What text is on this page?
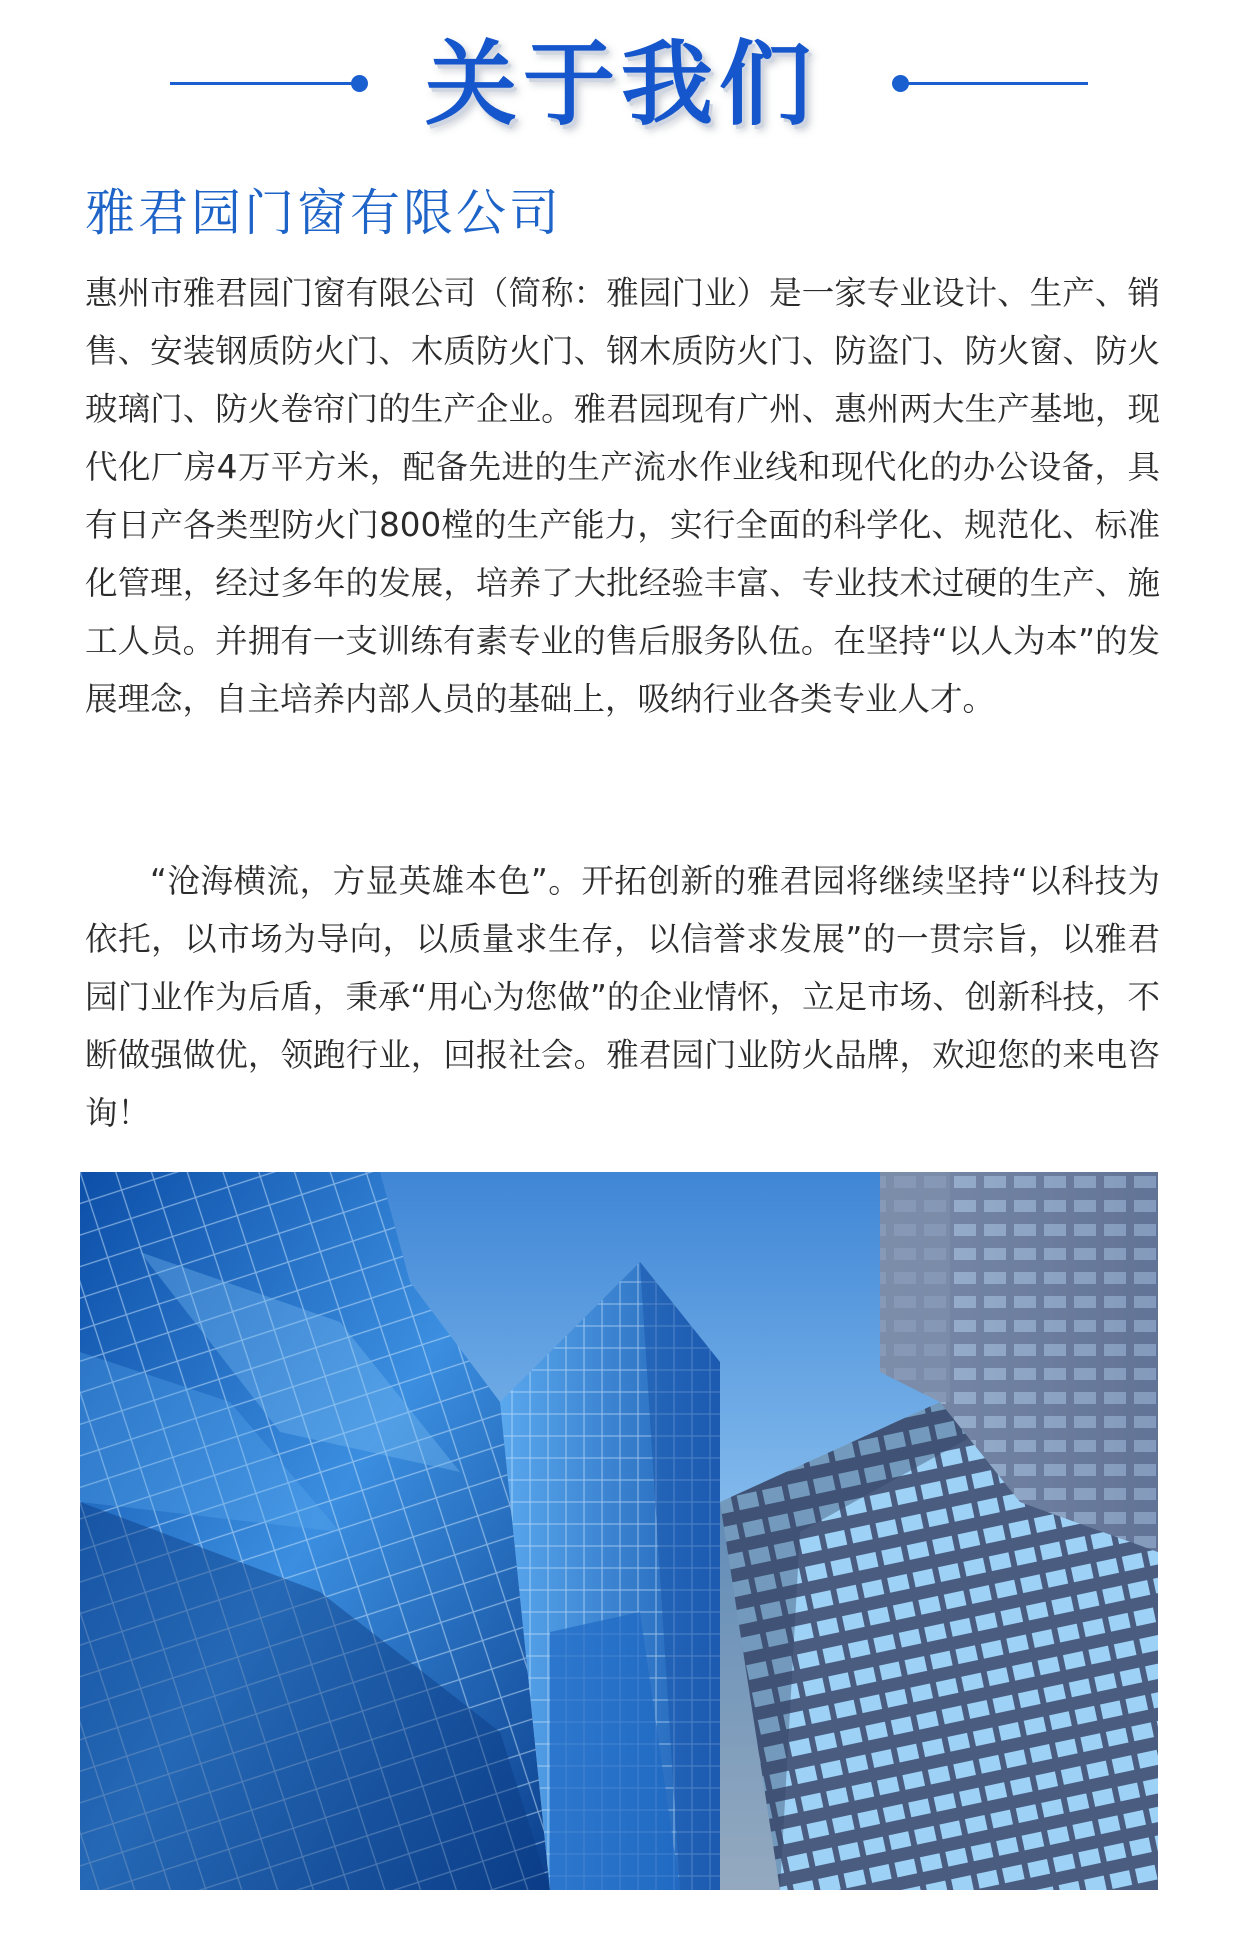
关于我们
雅君园门窗有限公司

惠州市雅君园门窗有限公司（简称：雅园门业）是一家专业设计、生产、销售、安装钢质防火门、木质防火门、钢木质防火门、防盗门、防火窗、防火玻璃门、防火卷帘门的生产企业。雅君园现有广州、惠州两大生产基地，现代化厂房4万平方米，配备先进的生产流水作业线和现代化的办公设备，具有日产各类型防火门800樘的生产能力，实行全面的科学化、规范化、标准化管理，经过多年的发展，培养了大批经验丰富、专业技术过硬的生产、施工人员。并拥有一支训练有素专业的售后服务队伍。在坚持“以人为本”的发展理念，自主培养内部人员的基础上，吸纳行业各类专业人才。

“沧海横流，方显英雄本色”。开拓创新的雅君园将继续坚持“以科技为依托，以市场为导向，以质量求生存，以信誉求发展”的一贯宗旨，以雅君园门业作为后盾，秉承“用心为您做”的企业情怀，立足市场、创新科技，不断做强做优，领跑行业，回报社会。雅君园门业防火品牌，欢迎您的来电咨询！
